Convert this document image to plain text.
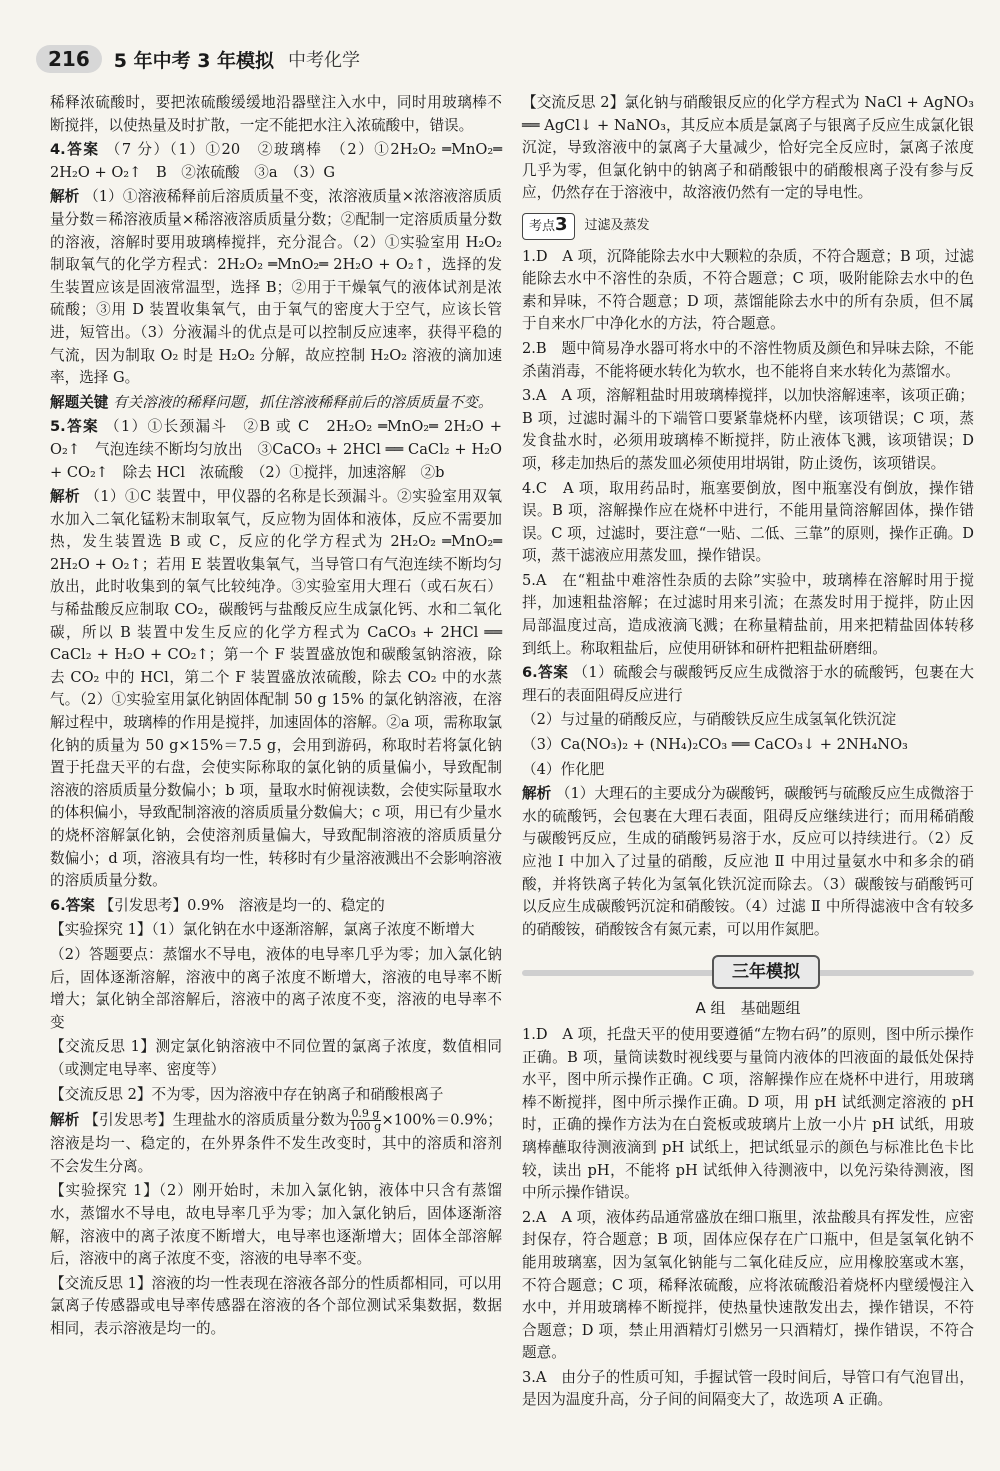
216	5 年中考 3 年模拟 中考化学

稀释浓硫酸时，要把浓硫酸缓缓地沿器壁注入水中，同时用玻璃棒不断搅拌，以使热量及时扩散，一定不能把水注入浓硫酸中，错误。

4.答案 （7 分）（1）①20　②玻璃棒　（2）①2H₂O₂ ═MnO₂═ 2H₂O + O₂↑　B　②浓硫酸　③a　（3）G

解析 （1）①溶液稀释前后溶质质量不变，浓溶液质量×浓溶液溶质质量分数＝稀溶液质量×稀溶液溶质质量分数；②配制一定溶质质量分数的溶液，溶解时要用玻璃棒搅拌，充分混合。（2）①实验室用 H₂O₂ 制取氧气的化学方程式：2H₂O₂ ═MnO₂═ 2H₂O + O₂↑，选择的发生装置应该是固液常温型，选择 B；②用于干燥氧气的液体试剂是浓硫酸；③用 D 装置收集氧气，由于氧气的密度大于空气，应该长管进，短管出。（3）分液漏斗的优点是可以控制反应速率，获得平稳的气流，因为制取 O₂ 时是 H₂O₂ 分解，故应控制 H₂O₂ 溶液的滴加速率，选择 G。

解题关键 有关溶液的稀释问题，抓住溶液稀释前后的溶质质量不变。

5.答案 （1）①长颈漏斗　②B 或 C　2H₂O₂ ═MnO₂═ 2H₂O + O₂↑　气泡连续不断均匀放出　③CaCO₃ + 2HCl ══ CaCl₂ + H₂O + CO₂↑　除去 HCl　浓硫酸　（2）①搅拌，加速溶解　②b

解析 （1）①C 装置中，甲仪器的名称是长颈漏斗。②实验室用双氧水加入二氧化锰粉末制取氧气，反应物为固体和液体，反应不需要加热，发生装置选 B 或 C，反应的化学方程式为 2H₂O₂ ═MnO₂═ 2H₂O + O₂↑；若用 E 装置收集氧气，当导管口有气泡连续不断均匀放出，此时收集到的氧气比较纯净。③实验室用大理石（或石灰石）与稀盐酸反应制取 CO₂，碳酸钙与盐酸反应生成氯化钙、水和二氧化碳，所以 B 装置中发生反应的化学方程式为 CaCO₃ + 2HCl ══ CaCl₂ + H₂O + CO₂↑；第一个 F 装置盛放饱和碳酸氢钠溶液，除去 CO₂ 中的 HCl，第二个 F 装置盛放浓硫酸，除去 CO₂ 中的水蒸气。（2）①实验室用氯化钠固体配制 50 g 15% 的氯化钠溶液，在溶解过程中，玻璃棒的作用是搅拌，加速固体的溶解。②a 项，需称取氯化钠的质量为 50 g×15%＝7.5 g，会用到游码，称取时若将氯化钠置于托盘天平的右盘，会使实际称取的氯化钠的质量偏小，导致配制溶液的溶质质量分数偏小；b 项，量取水时俯视读数，会使实际量取水的体积偏小，导致配制溶液的溶质质量分数偏大；c 项，用已有少量水的烧杯溶解氯化钠，会使溶剂质量偏大，导致配制溶液的溶质质量分数偏小；d 项，溶液具有均一性，转移时有少量溶液溅出不会影响溶液的溶质质量分数。

6.答案 【引发思考】0.9%　溶液是均一的、稳定的

【实验探究 1】（1）氯化钠在水中逐渐溶解，氯离子浓度不断增大

（2）答题要点：蒸馏水不导电，液体的电导率几乎为零；加入氯化钠后，固体逐渐溶解，溶液中的离子浓度不断增大，溶液的电导率不断增大；氯化钠全部溶解后，溶液中的离子浓度不变，溶液的电导率不变

【交流反思 1】测定氯化钠溶液中不同位置的氯离子浓度，数值相同（或测定电导率、密度等）

【交流反思 2】不为零，因为溶液中存在钠离子和硝酸根离子

解析 【引发思考】生理盐水的溶质质量分数为 $\frac{0.9 g}{100 g} \times 100\%=0.9\%$；溶液是均一、稳定的，在外界条件不发生改变时，其中的溶质和溶剂不会发生分离。

【实验探究 1】（2）刚开始时，未加入氯化钠，液体中只含有蒸馏水，蒸馏水不导电，故电导率几乎为零；加入氯化钠后，固体逐渐溶解，溶液中的离子浓度不断增大，电导率也逐渐增大；固体全部溶解后，溶液中的离子浓度不变，溶液的电导率不变。

【交流反思 1】溶液的均一性表现在溶液各部分的性质都相同，可以用氯离子传感器或电导率传感器在溶液的各个部位测试采集数据，数据相同，表示溶液是均一的。

【交流反思 2】氯化钠与硝酸银反应的化学方程式为 NaCl + AgNO₃ ══ AgCl↓ + NaNO₃，其反应本质是氯离子与银离子反应生成氯化银沉淀，导致溶液中的氯离子大量减少，恰好完全反应时，氯离子浓度几乎为零，但氯化钠中的钠离子和硝酸银中的硝酸根离子没有参与反应，仍然存在于溶液中，故溶液仍然有一定的导电性。

考点3	过滤及蒸发

1.D　A 项，沉降能除去水中大颗粒的杂质，不符合题意；B 项，过滤能除去水中不溶性的杂质，不符合题意；C 项，吸附能除去水中的色素和异味，不符合题意；D 项，蒸馏能除去水中的所有杂质，但不属于自来水厂中净化水的方法，符合题意。

2.B　题中简易净水器可将水中的不溶性物质及颜色和异味去除，不能杀菌消毒，不能将硬水转化为软水，也不能将自来水转化为蒸馏水。

3.A　A 项，溶解粗盐时用玻璃棒搅拌，以加快溶解速率，该项正确；B 项，过滤时漏斗的下端管口要紧靠烧杯内壁，该项错误；C 项，蒸发食盐水时，必须用玻璃棒不断搅拌，防止液体飞溅，该项错误；D 项，移走加热后的蒸发皿必须使用坩埚钳，防止烫伤，该项错误。

4.C　A 项，取用药品时，瓶塞要倒放，图中瓶塞没有倒放，操作错误。B 项，溶解操作应在烧杯中进行，不能用量筒溶解固体，操作错误。C 项，过滤时，要注意“一贴、二低、三靠”的原则，操作正确。D 项，蒸干滤液应用蒸发皿，操作错误。

5.A　在“粗盐中难溶性杂质的去除”实验中，玻璃棒在溶解时用于搅拌，加速粗盐溶解；在过滤时用来引流；在蒸发时用于搅拌，防止因局部温度过高，造成液滴飞溅；在称量精盐前，用来把精盐固体转移到纸上。称取粗盐后，应使用研钵和研杵把粗盐研磨细。

6.答案 （1）硫酸会与碳酸钙反应生成微溶于水的硫酸钙，包裹在大理石的表面阻碍反应进行

（2）与过量的硝酸反应，与硝酸铁反应生成氢氧化铁沉淀

（3）Ca(NO₃)₂ + (NH₄)₂CO₃ ══ CaCO₃↓ + 2NH₄NO₃

（4）作化肥

解析 （1）大理石的主要成分为碳酸钙，碳酸钙与硫酸反应生成微溶于水的硫酸钙，会包裹在大理石表面，阻碍反应继续进行；而用稀硝酸与碳酸钙反应，生成的硝酸钙易溶于水，反应可以持续进行。（2）反应池 Ⅰ 中加入了过量的硝酸，反应池 Ⅱ 中用过量氨水中和多余的硝酸，并将铁离子转化为氢氧化铁沉淀而除去。（3）碳酸铵与硝酸钙可以反应生成碳酸钙沉淀和硝酸铵。（4）过滤 Ⅱ 中所得滤液中含有较多的硝酸铵，硝酸铵含有氮元素，可以用作氮肥。

三年模拟
A 组　基础题组

1.D　A 项，托盘天平的使用要遵循“左物右码”的原则，图中所示操作正确。B 项，量筒读数时视线要与量筒内液体的凹液面的最低处保持水平，图中所示操作正确。C 项，溶解操作应在烧杯中进行，用玻璃棒不断搅拌，图中所示操作正确。D 项，用 pH 试纸测定溶液的 pH 时，正确的操作方法为在白瓷板或玻璃片上放一小片 pH 试纸，用玻璃棒蘸取待测液滴到 pH 试纸上，把试纸显示的颜色与标准比色卡比较，读出 pH，不能将 pH 试纸伸入待测液中，以免污染待测液，图中所示操作错误。

2.A　A 项，液体药品通常盛放在细口瓶里，浓盐酸具有挥发性，应密封保存，符合题意；B 项，固体应保存在广口瓶中，但是氢氧化钠不能用玻璃塞，因为氢氧化钠能与二氧化硅反应，应用橡胶塞或木塞，不符合题意；C 项，稀释浓硫酸，应将浓硫酸沿着烧杯内壁缓慢注入水中，并用玻璃棒不断搅拌，使热量快速散发出去，操作错误，不符合题意；D 项，禁止用酒精灯引燃另一只酒精灯，操作错误，不符合题意。

3.A　由分子的性质可知，手握试管一段时间后，导管口有气泡冒出，是因为温度升高，分子间的间隔变大了，故选项 A 正确。
